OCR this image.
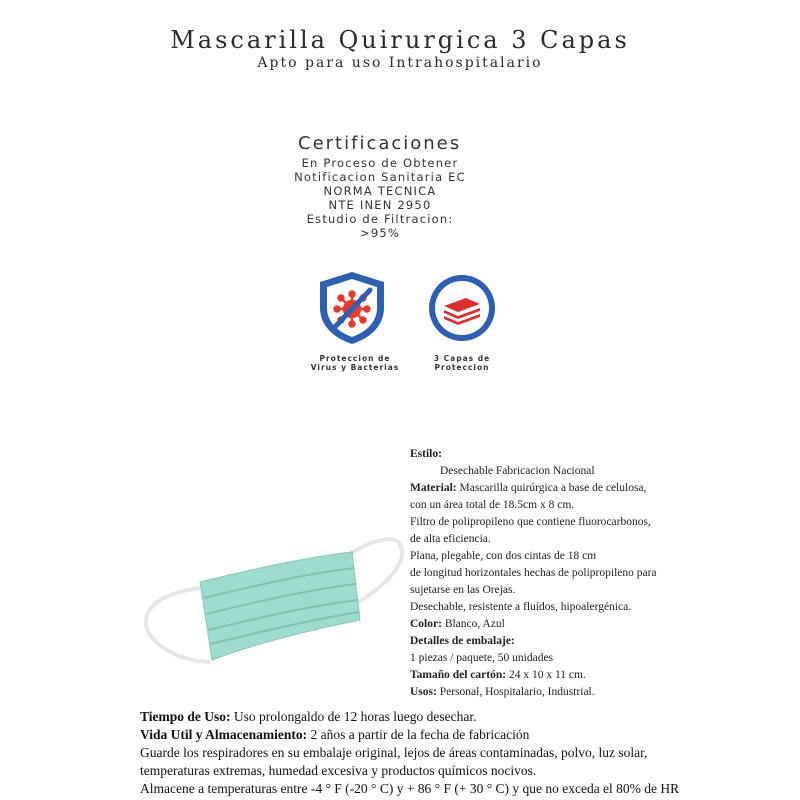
Mascarilla Quirurgica 3 Capas
Apto para uso Intrahospitalario
Certificaciones
En Proceso de Obtener
Notificacion Sanitaria EC
NORMA TECNICA
NTE INEN 2950
Estudio de Filtracion:
>95%
Proteccion de
Virus y Bacterias
3 Capas de
Proteccion
Estilo:
Desechable Fabricacion Nacional
Material: Mascarilla quirúrgica a base de celulosa,
con un área total de 18.5cm x 8 cm.
Filtro de polipropileno que contiene fluorocarbonos,
de alta eficiencia.
Plana, plegable, con dos cintas de 18 cm
de longitud horizontales hechas de polipropileno para
sujetarse en las Orejas.
Desechable, resistente a fluídos, hipoalergénica.
Color: Blanco, Azul
Detalles de embalaje:
1 piezas / paquete, 50 unidades
Tamaño del cartón: 24 x 10 x 11 cm.
Usos: Personal, Hospitalario, Industrial.
Tiempo de Uso: Uso prolongaldo de 12 horas luego desechar.
Vida Util y Almacenamiento: 2 años a partir de la fecha de fabricación
Guarde los respiradores en su embalaje original, lejos de áreas contaminadas, polvo, luz solar,
temperaturas extremas, humedad excesiva y productos químicos nocivos.
Almacene a temperaturas entre -4 ° F (-20 ° C) y + 86 ° F (+ 30 ° C) y que no exceda el 80% de HR
